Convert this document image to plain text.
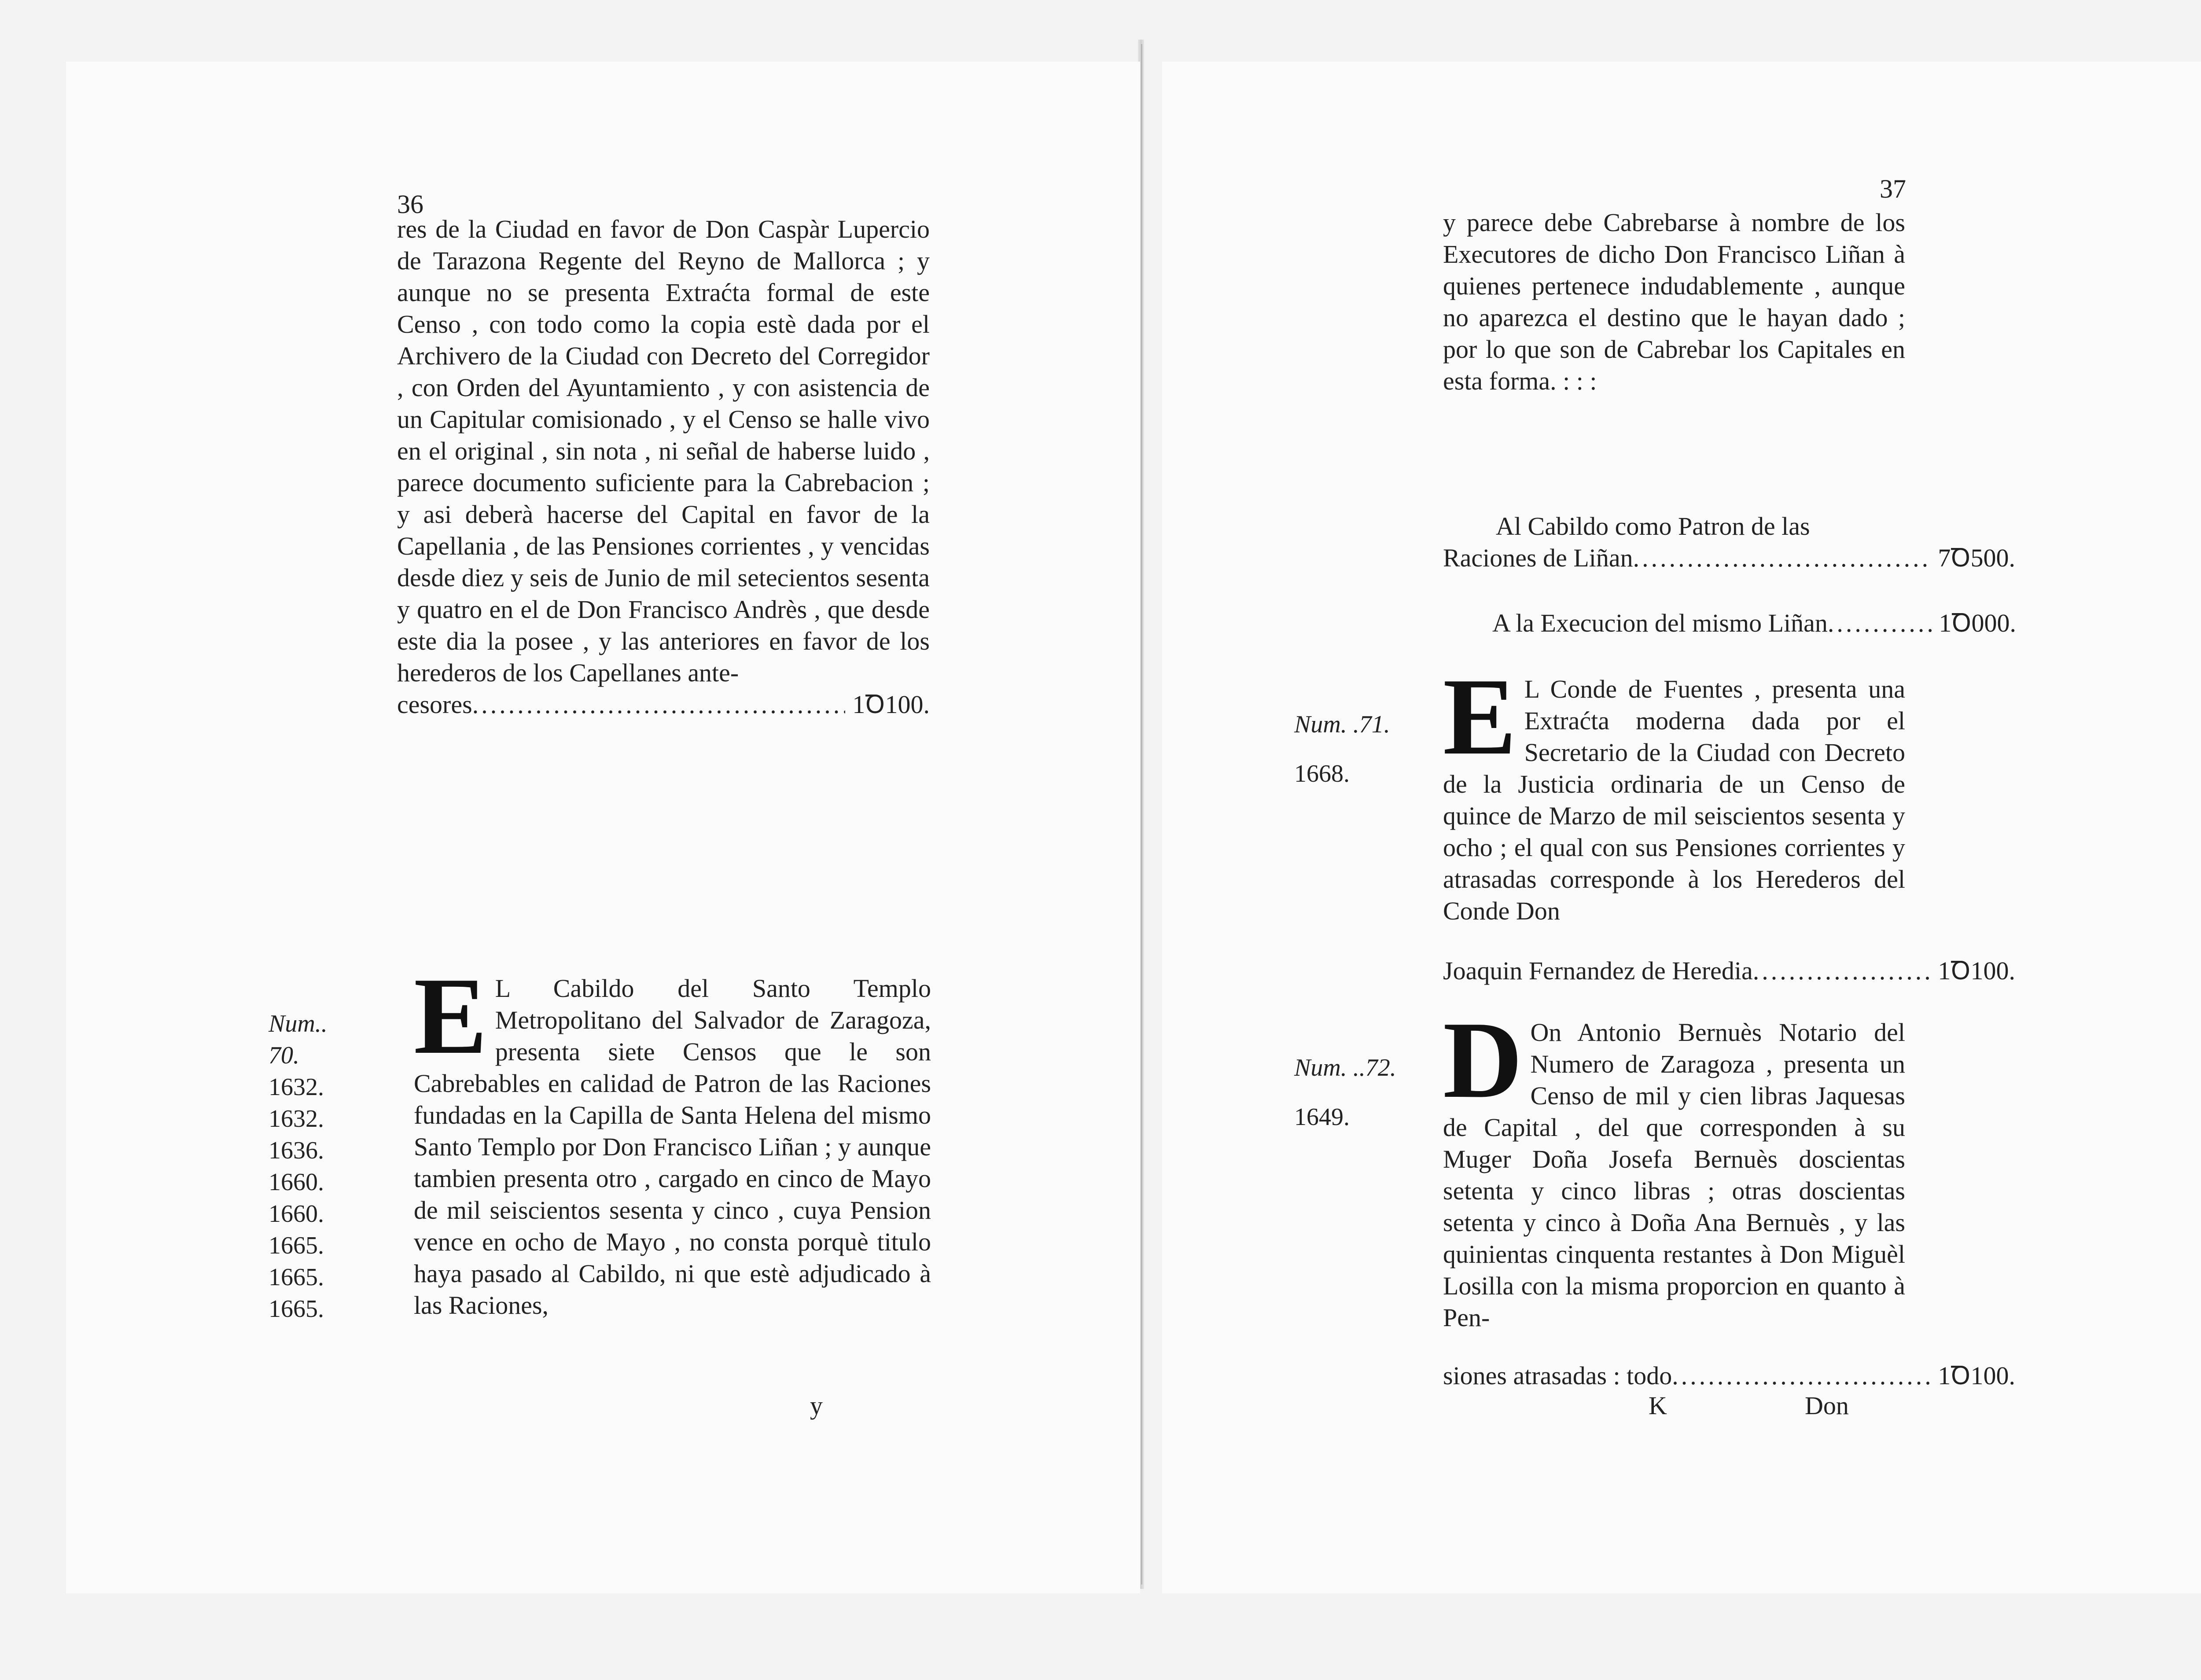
36
res de la Ciudad en favor de Don Caspàr Lupercio de Tarazona Regente del Reyno de Mallorca ; y aunque no se presenta Extraćta formal de este Censo , con todo como la copia estè dada por el Archivero de la Ciudad con Decreto del Corregidor , con Orden del Ayuntamiento , y con asistencia de un Capitular comisionado , y el Censo se halle vivo en el original , sin nota , ni señal de haberse luido , parece documento suficiente para la Cabrebacion ; y asi deberà hacerse del Capital en favor de la Capellania , de las Pensiones corrientes , y vencidas desde diez y seis de Junio de mil setecientos sesenta y quatro en el de Don Francisco Andrès , que desde este dia la posee , y las anteriores en favor de los herederos de los Capellanes ante-
cesores .....	1Ꝺ100.
Num.. 70.
1632.
1632.
1636.
1660.
1660.
1665.
1665.
1665.
E L Cabildo del Santo Templo Metropolitano del Salvador de Zaragoza, presenta siete Censos que le son Cabrebables en calidad de Patron de las Raciones fundadas en la Capilla de Santa Helena del mismo Santo Templo por Don Francisco Liñan ; y aunque tambien presenta otro , cargado en cinco de Mayo de mil seiscientos sesenta y cinco , cuya Pension vence en ocho de Mayo , no consta porquè titulo haya pasado al Cabildo, ni que estè adjudicado à las Raciones,
y
37
y parece debe Cabrebarse à nombre de los Executores de dicho Don Francisco Liñan à quienes pertenece indudablemente , aunque no aparezca el destino que le hayan dado ; por lo que son de Cabrebar los Capitales en esta forma. : : :
Al Cabildo como Patron de las
Raciones de Liñan .....	7Ꝺ500.
A la Execucion del mismo Liñan .....	1Ꝺ000.
Num. .71.
1668. E L Conde de Fuentes , presenta una Extraćta moderna dada por el Secretario de la Ciudad con Decreto de la Justicia ordinaria de un Censo de quince de Marzo de mil seiscientos sesenta y ocho ; el qual con sus Pensiones corrientes y atrasadas corresponde à los Herederos del Conde Don
Joaquin Fernandez de Heredia .....	1Ꝺ100.
Num. ..72.
1649. D On Antonio Bernuès Notario del Numero de Zaragoza , presenta un Censo de mil y cien libras Jaquesas de Capital , del que corresponden à su Muger Doña Josefa Bernuès doscientas setenta y cinco libras ; otras doscientas setenta y cinco à Doña Ana Bernuès , y las quinientas cinquenta restantes à Don Miguèl Losilla con la misma proporcion en quanto à Pen-
siones atrasadas : todo .....	1Ꝺ100.
K	Don
